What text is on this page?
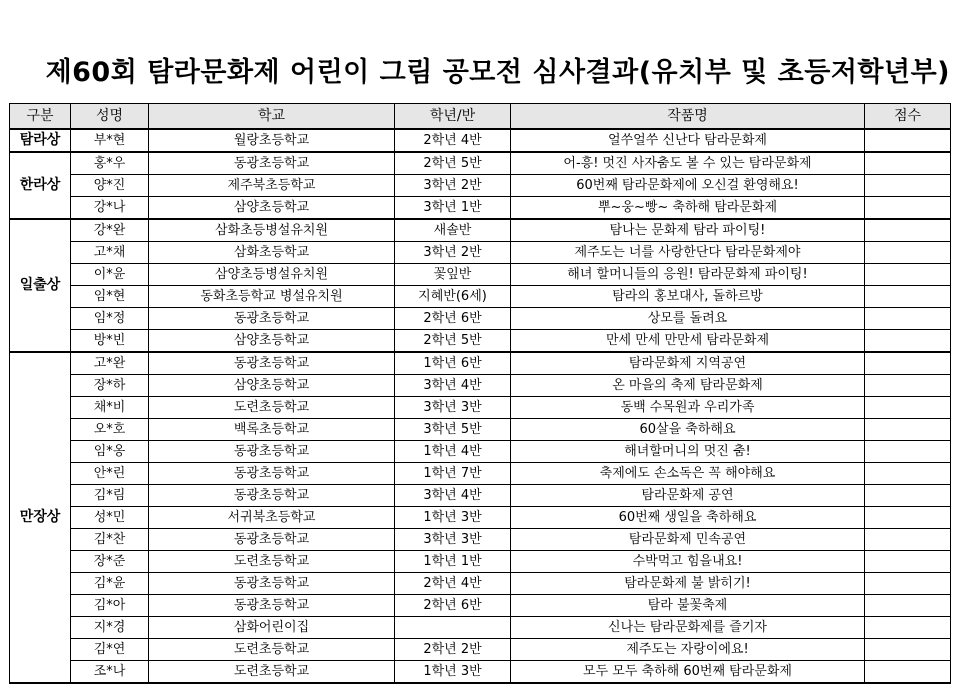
제60회 탐라문화제 어린이 그림 공모전 심사결과(유치부 및 초등저학년부)
구분	성명	학교	학년/반	작품명	점수
탐라상	부*현	월랑초등학교	2학년 4반	얼쑤얼쑤 신난다 탐라문화제	
한라상	홍*우	동광초등학교	2학년 5반	어-흥! 멋진 사자춤도 볼 수 있는 탐라문화제	
	양*진	제주북초등학교	3학년 2반	60번째 탐라문화제에 오신걸 환영해요!	
	강*나	삼양초등학교	3학년 1반	뿌~웅~빵~ 축하해 탐라문화제	
일출상	강*완	삼화초등병설유치원	새솔반	탐나는 문화제 탐라 파이팅!	
	고*채	삼화초등학교	3학년 2반	제주도는 너를 사랑한단다 탐라문화제야	
	이*윤	삼양초등병설유치원	꽃잎반	해녀 할머니들의 응원! 탐라문화제 파이팅!	
	임*현	동화초등학교 병설유치원	지혜반(6세)	탐라의 홍보대사, 돌하르방	
	임*정	동광초등학교	2학년 6반	상모를 돌려요	
	방*빈	삼양초등학교	2학년 5반	만세 만세 만만세 탐라문화제	
만장상	고*완	동광초등학교	1학년 6반	탐라문화제 지역공연	
	장*하	삼양초등학교	3학년 4반	온 마을의 축제 탐라문화제	
	채*비	도련초등학교	3학년 3반	동백 수목원과 우리가족	
	오*호	백록초등학교	3학년 5반	60살을 축하해요	
	임*옹	동광초등학교	1학년 4반	해녀할머니의 멋진 춤!	
	안*린	동광초등학교	1학년 7반	축제에도 손소독은 꼭 해야해요	
	김*림	동광초등학교	3학년 4반	탐라문화제 공연	
	성*민	서귀북초등학교	1학년 3반	60번째 생일을 축하해요	
	김*찬	동광초등학교	3학년 3반	탐라문화제 민속공연	
	장*준	도련초등학교	1학년 1반	수박먹고 힘을내요!	
	김*윤	동광초등학교	2학년 4반	탐라문화제 불 밝히기!	
	김*아	동광초등학교	2학년 6반	탐라 불꽃축제	
	지*경	삼화어린이집		신나는 탐라문화제를 즐기자	
	김*연	도련초등학교	2학년 2반	제주도는 자랑이에요!	
	조*나	도련초등학교	1학년 3반	모두 모두 축하해 60번째 탐라문화제	
